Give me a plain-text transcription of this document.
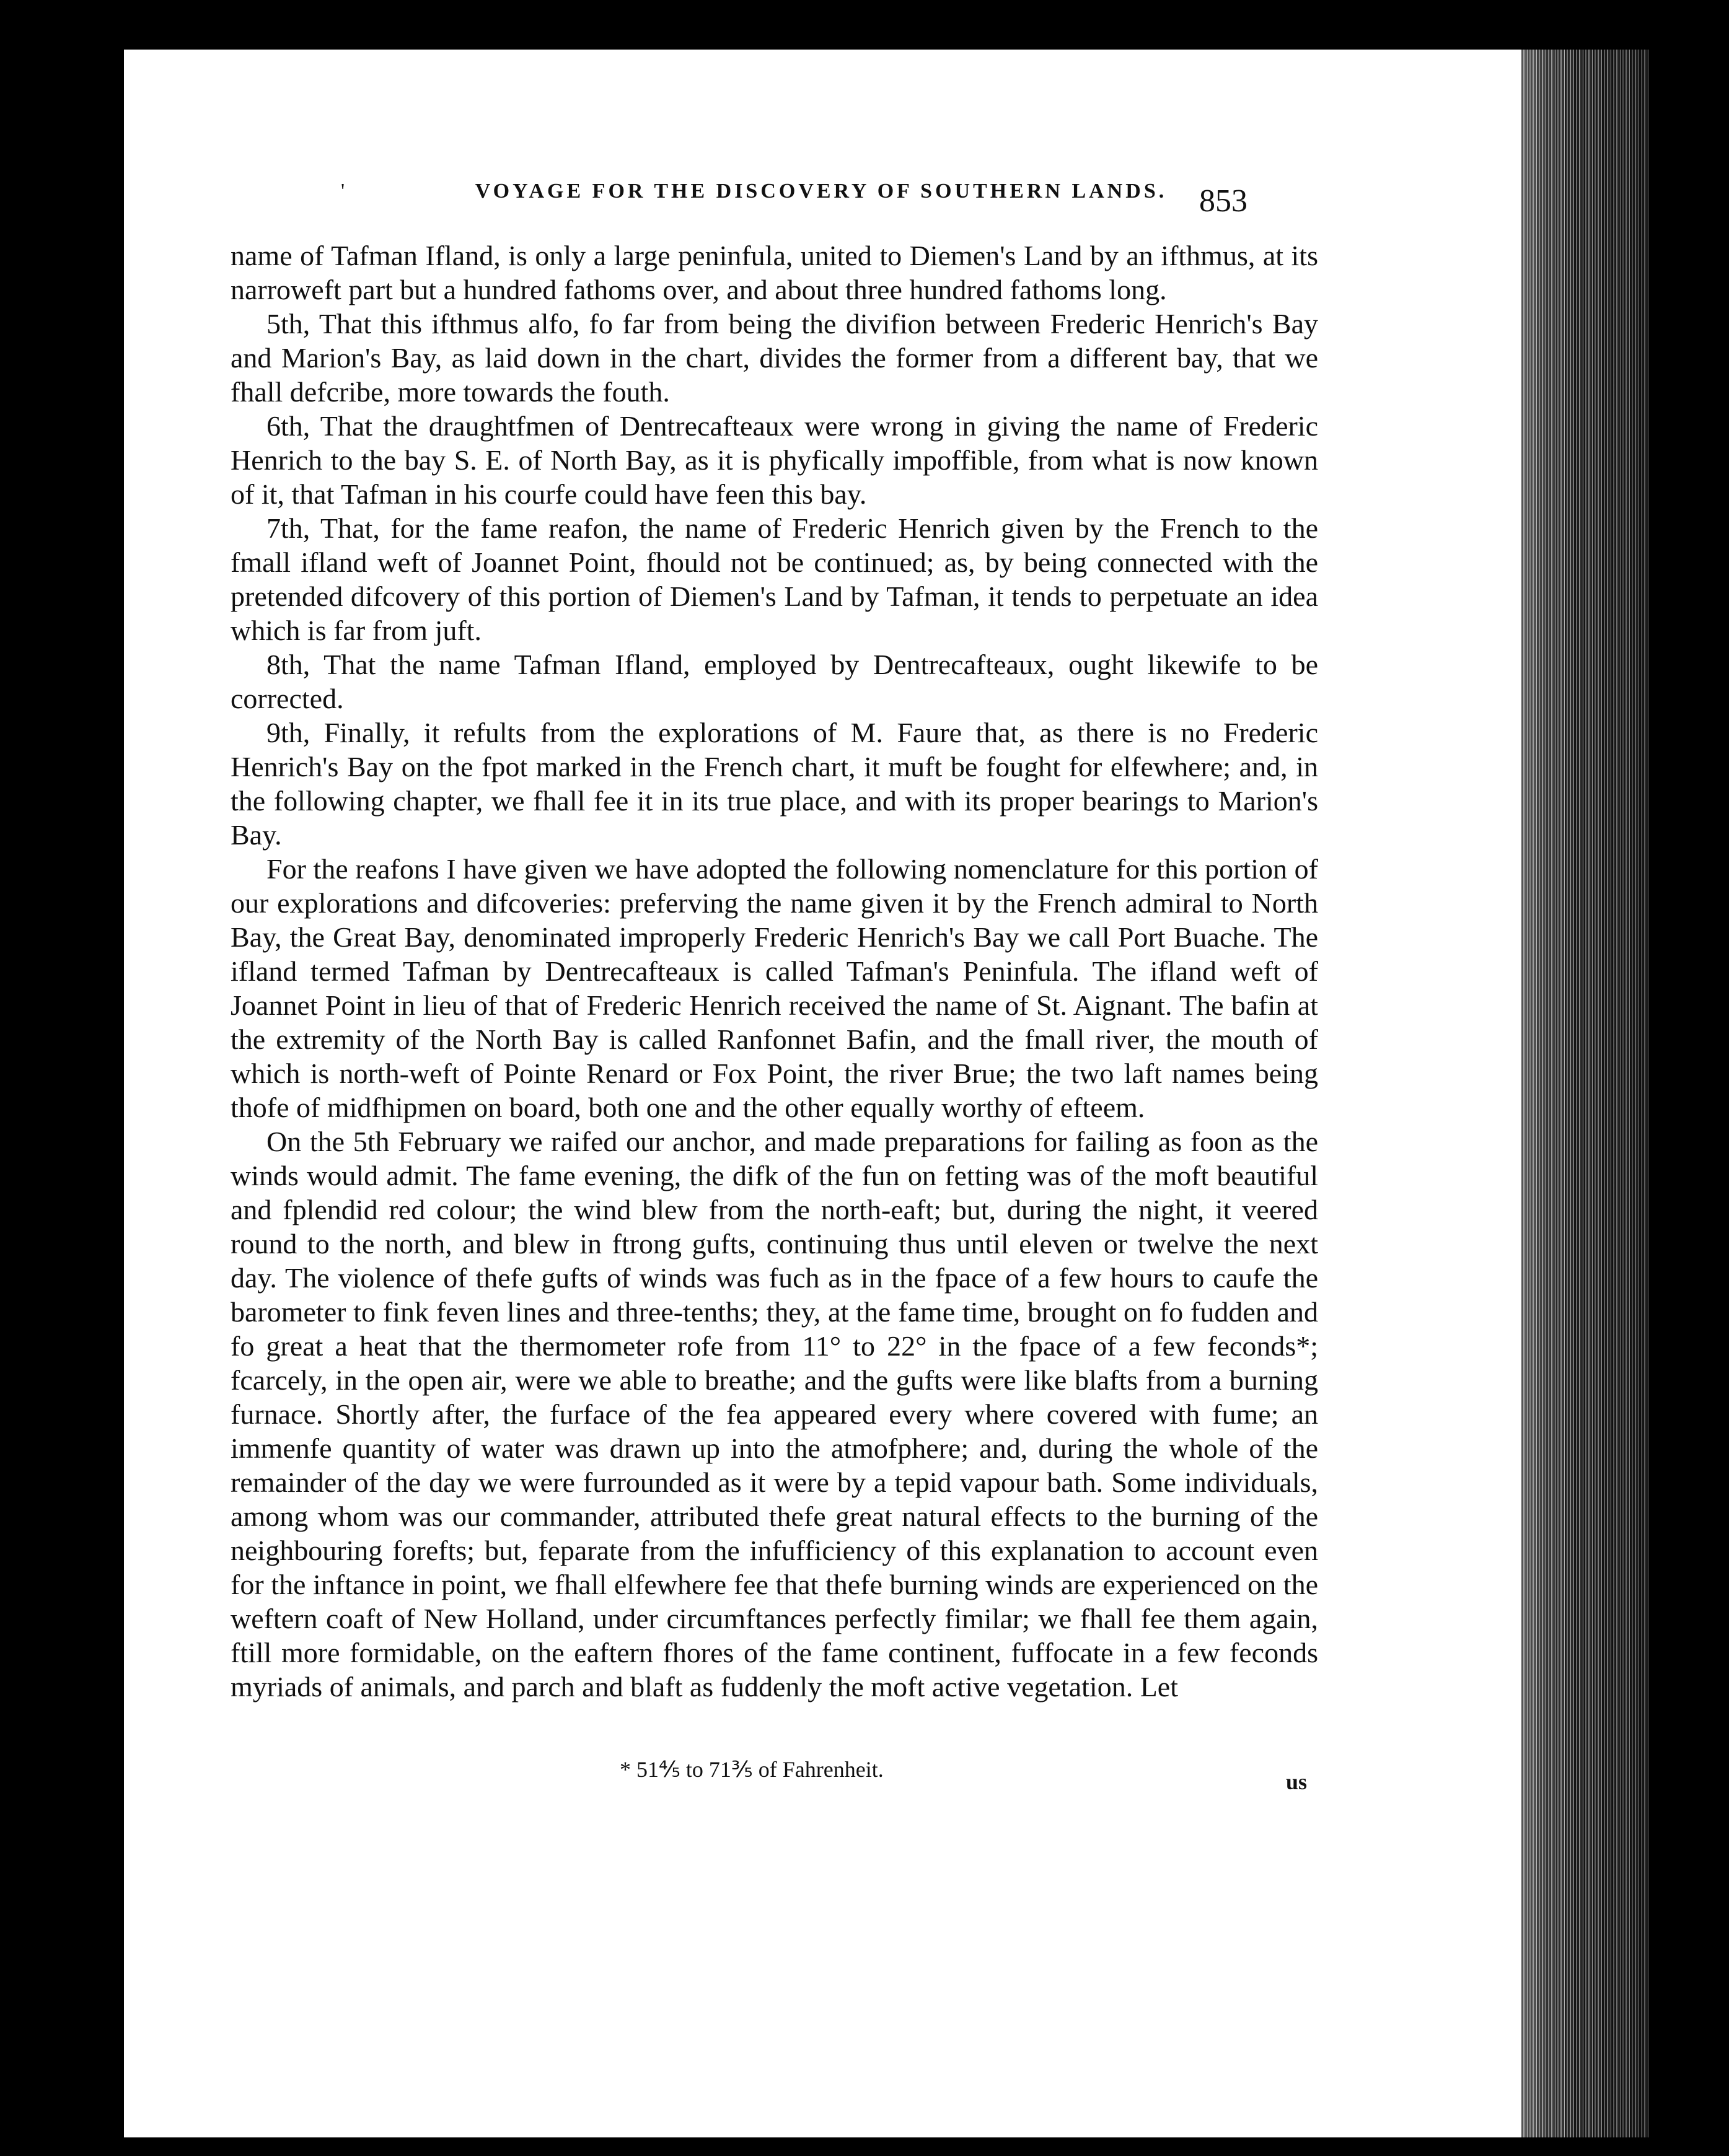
'	VOYAGE FOR THE DISCOVERY OF SOUTHERN LANDS. 853

name of Tafman Ifland, is only a large peninfula, united to Diemen's Land by an ifthmus, at its narroweft part but a hundred fathoms over, and about three hundred fathoms long.

5th, That this ifthmus alfo, fo far from being the divifion between Frederic Henrich's Bay and Marion's Bay, as laid down in the chart, divides the former from a different bay, that we fhall defcribe, more towards the fouth.

6th, That the draughtfmen of Dentrecafteaux were wrong in giving the name of Frederic Henrich to the bay S. E. of North Bay, as it is phyfically impoffible, from what is now known of it, that Tafman in his courfe could have feen this bay.

7th, That, for the fame reafon, the name of Frederic Henrich given by the French to the fmall ifland weft of Joannet Point, fhould not be continued; as, by being connected with the pretended difcovery of this portion of Diemen's Land by Tafman, it tends to perpetuate an idea which is far from juft.

8th, That the name Tafman Ifland, employed by Dentrecafteaux, ought likewife to be corrected.

9th, Finally, it refults from the explorations of M. Faure that, as there is no Frederic Henrich's Bay on the fpot marked in the French chart, it muft be fought for elfewhere; and, in the following chapter, we fhall fee it in its true place, and with its proper bearings to Marion's Bay.

For the reafons I have given we have adopted the following nomenclature for this portion of our explorations and difcoveries: preferving the name given it by the French admiral to North Bay, the Great Bay, denominated improperly Frederic Henrich's Bay we call Port Buache. The ifland termed Tafman by Dentrecafteaux is called Tafman's Peninfula. The ifland weft of Joannet Point in lieu of that of Frederic Henrich received the name of St. Aignant. The bafin at the extremity of the North Bay is called Ranfonnet Bafin, and the fmall river, the mouth of which is north-weft of Pointe Renard or Fox Point, the river Brue; the two laft names being thofe of midfhipmen on board, both one and the other equally worthy of efteem.

On the 5th February we raifed our anchor, and made preparations for failing as foon as the winds would admit. The fame evening, the difk of the fun on fetting was of the moft beautiful and fplendid red colour; the wind blew from the north-eaft; but, during the night, it veered round to the north, and blew in ftrong gufts, continuing thus until eleven or twelve the next day. The violence of thefe gufts of winds was fuch as in the fpace of a few hours to caufe the barometer to fink feven lines and three-tenths; they, at the fame time, brought on fo fudden and fo great a heat that the thermometer rofe from 11° to 22° in the fpace of a few feconds*; fcarcely, in the open air, were we able to breathe; and the gufts were like blafts from a burning furnace. Shortly after, the furface of the fea appeared every where covered with fume; an immenfe quantity of water was drawn up into the atmofphere; and, during the whole of the remainder of the day we were furrounded as it were by a tepid vapour bath. Some individuals, among whom was our commander, attributed thefe great natural effects to the burning of the neighbouring forefts; but, feparate from the infufficiency of this explanation to account even for the inftance in point, we fhall elfewhere fee that thefe burning winds are experienced on the weftern coaft of New Holland, under circumftances perfectly fimilar; we fhall fee them again, ftill more formidable, on the eaftern fhores of the fame continent, fuffocate in a few feconds myriads of animals, and parch and blaft as fuddenly the moft active vegetation. Let

* 51⅘ to 71⅗ of Fahrenheit.	us
